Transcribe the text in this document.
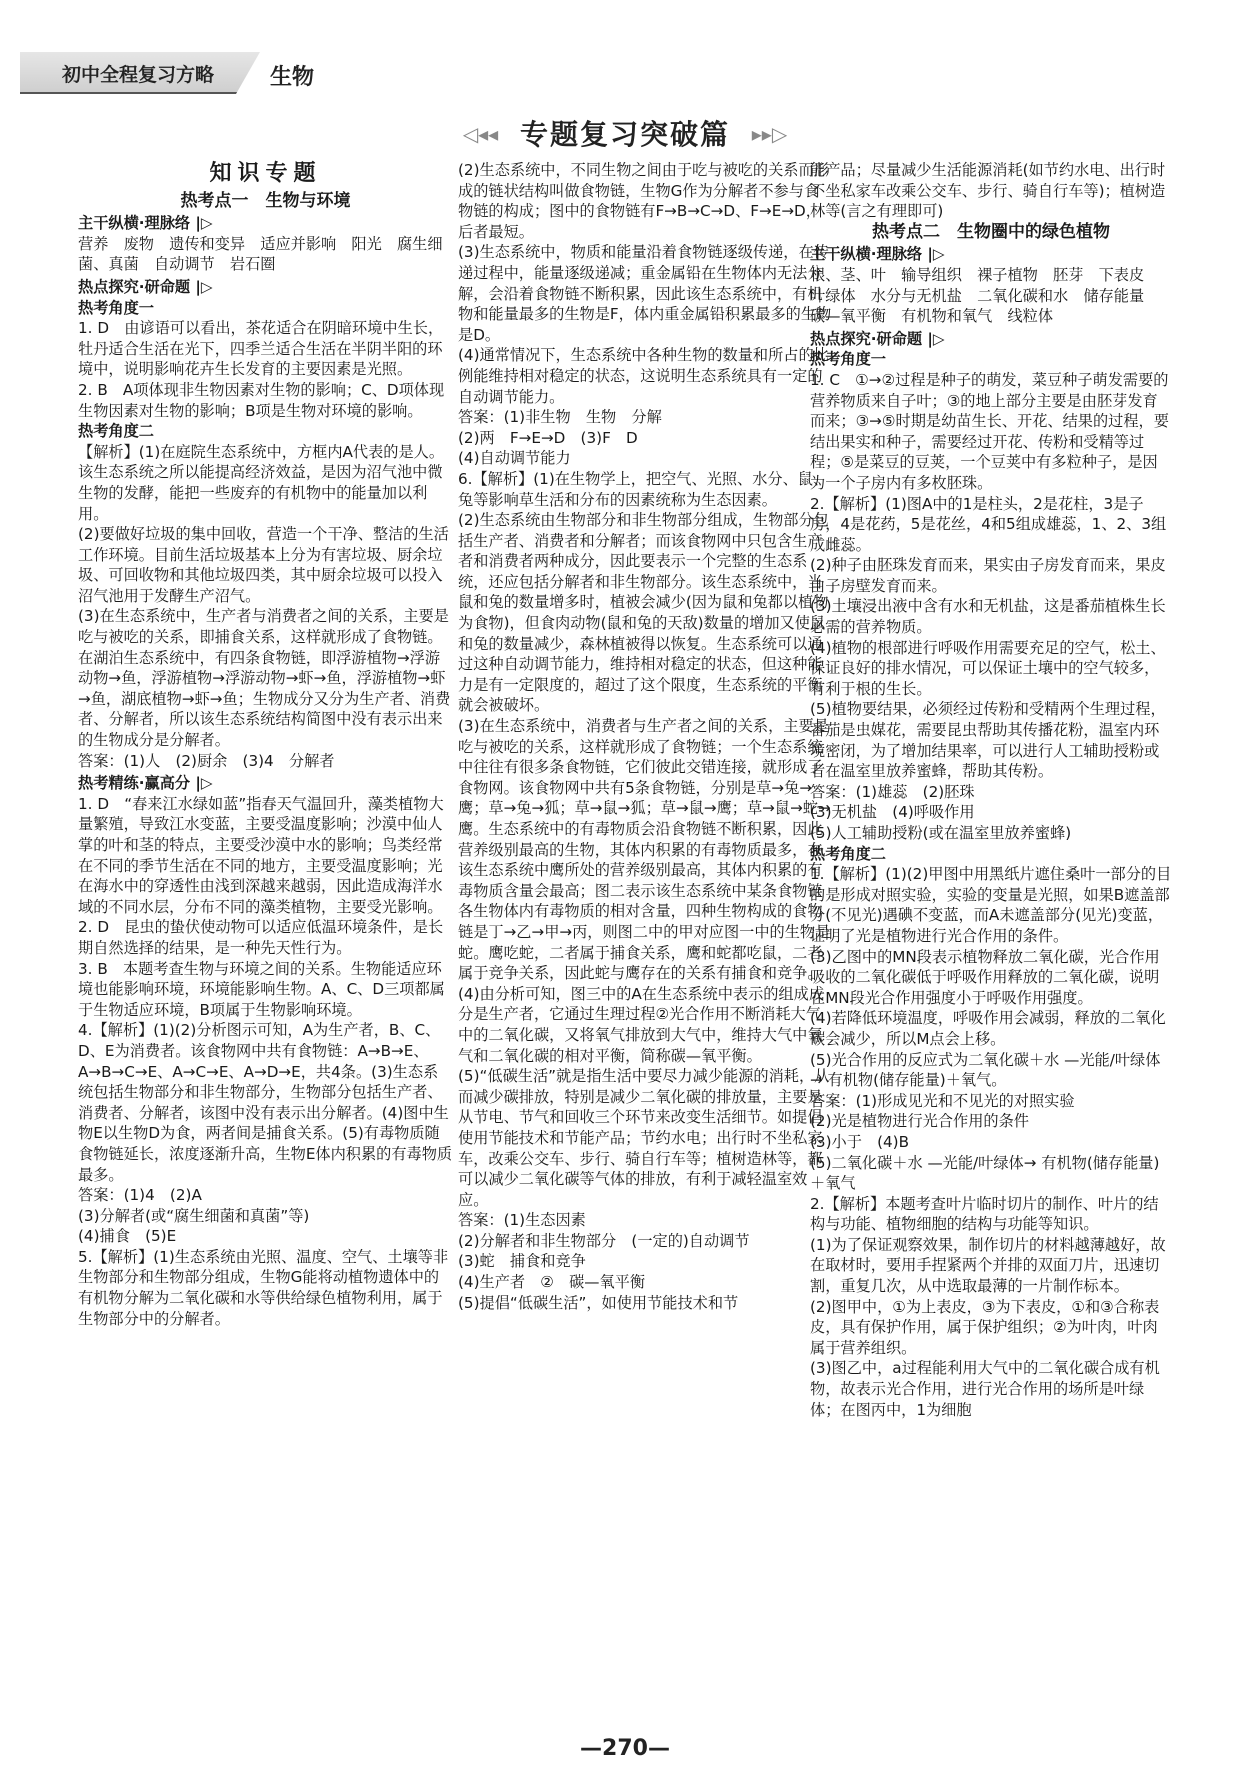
初中全程复习方略	生物
◁◂◂ 专题复习突破篇 ▸▸▷

知识专题

热考点一　生物与环境

主干纵横·理脉络 |▷

营养　废物　遗传和变异　适应并影响　阳光　腐生细菌、真菌　自动调节　岩石圈

热点探究·研命题 |▷

热考角度一

1. D　由谚语可以看出，茶花适合在阴暗环境中生长，牡丹适合生活在光下，四季兰适合生活在半阴半阳的环境中，说明影响花卉生长发育的主要因素是光照。

2. B　A项体现非生物因素对生物的影响；C、D项体现生物因素对生物的影响；B项是生物对环境的影响。

热考角度二

【解析】(1)在庭院生态系统中，方框内A代表的是人。该生态系统之所以能提高经济效益，是因为沼气池中微生物的发酵，能把一些废弃的有机物中的能量加以利用。

(2)要做好垃圾的集中回收，营造一个干净、整洁的生活工作环境。目前生活垃圾基本上分为有害垃圾、厨余垃圾、可回收物和其他垃圾四类，其中厨余垃圾可以投入沼气池用于发酵生产沼气。

(3)在生态系统中，生产者与消费者之间的关系，主要是吃与被吃的关系，即捕食关系，这样就形成了食物链。在湖泊生态系统中，有四条食物链，即浮游植物→浮游动物→鱼，浮游植物→浮游动物→虾→鱼，浮游植物→虾→鱼，湖底植物→虾→鱼；生物成分又分为生产者、消费者、分解者，所以该生态系统结构简图中没有表示出来的生物成分是分解者。

答案：(1)人　(2)厨余　(3)4　分解者

热考精练·赢高分 |▷

1. D　“春来江水绿如蓝”指春天气温回升，藻类植物大量繁殖，导致江水变蓝，主要受温度影响；沙漠中仙人掌的叶和茎的特点，主要受沙漠中水的影响；鸟类经常在不同的季节生活在不同的地方，主要受温度影响；光在海水中的穿透性由浅到深越来越弱，因此造成海洋水域的不同水层，分布不同的藻类植物，主要受光影响。

2. D　昆虫的蛰伏使动物可以适应低温环境条件，是长期自然选择的结果，是一种先天性行为。

3. B　本题考查生物与环境之间的关系。生物能适应环境也能影响环境，环境能影响生物。A、C、D三项都属于生物适应环境，B项属于生物影响环境。

4.【解析】(1)(2)分析图示可知，A为生产者，B、C、D、E为消费者。该食物网中共有食物链：A→B→E、A→B→C→E、A→C→E、A→D→E，共4条。(3)生态系统包括生物部分和非生物部分，生物部分包括生产者、消费者、分解者，该图中没有表示出分解者。(4)图中生物E以生物D为食，两者间是捕食关系。(5)有毒物质随食物链延长，浓度逐渐升高，生物E体内积累的有毒物质最多。

答案：(1)4　(2)A

(3)分解者(或“腐生细菌和真菌”等)

(4)捕食　(5)E

5.【解析】(1)生态系统由光照、温度、空气、土壤等非生物部分和生物部分组成，生物G能将动植物遗体中的有机物分解为二氧化碳和水等供给绿色植物利用，属于生物部分中的分解者。

(2)生态系统中，不同生物之间由于吃与被吃的关系而形成的链状结构叫做食物链，生物G作为分解者不参与食物链的构成；图中的食物链有F→B→C→D、F→E→D，后者最短。

(3)生态系统中，物质和能量沿着食物链逐级传递，在传递过程中，能量逐级递减；重金属铅在生物体内无法分解，会沿着食物链不断积累，因此该生态系统中，有机物和能量最多的生物是F，体内重金属铅积累最多的生物是D。

(4)通常情况下，生态系统中各种生物的数量和所占的比例能维持相对稳定的状态，这说明生态系统具有一定的自动调节能力。

答案：(1)非生物　生物　分解

(2)两　F→E→D　(3)F　D

(4)自动调节能力

6.【解析】(1)在生物学上，把空气、光照、水分、鼠、兔等影响草生活和分布的因素统称为生态因素。

(2)生态系统由生物部分和非生物部分组成，生物部分包括生产者、消费者和分解者；而该食物网中只包含生产者和消费者两种成分，因此要表示一个完整的生态系统，还应包括分解者和非生物部分。该生态系统中，当鼠和兔的数量增多时，植被会减少(因为鼠和兔都以植物为食物)，但食肉动物(鼠和兔的天敌)数量的增加又使鼠和兔的数量减少，森林植被得以恢复。生态系统可以通过这种自动调节能力，维持相对稳定的状态，但这种能力是有一定限度的，超过了这个限度，生态系统的平衡就会被破坏。

(3)在生态系统中，消费者与生产者之间的关系，主要是吃与被吃的关系，这样就形成了食物链；一个生态系统中往往有很多条食物链，它们彼此交错连接，就形成了食物网。该食物网中共有5条食物链，分别是草→兔→鹰；草→兔→狐；草→鼠→狐；草→鼠→鹰；草→鼠→蛇→鹰。生态系统中的有毒物质会沿食物链不断积累，因此营养级别最高的生物，其体内积累的有毒物质最多，在该生态系统中鹰所处的营养级别最高，其体内积累的有毒物质含量会最高；图二表示该生态系统中某条食物链各生物体内有毒物质的相对含量，四种生物构成的食物链是丁→乙→甲→丙，则图二中的甲对应图一中的生物是蛇。鹰吃蛇，二者属于捕食关系，鹰和蛇都吃鼠，二者属于竞争关系，因此蛇与鹰存在的关系有捕食和竞争。

(4)由分析可知，图三中的A在生态系统中表示的组成成分是生产者，它通过生理过程②光合作用不断消耗大气中的二氧化碳，又将氧气排放到大气中，维持大气中氧气和二氧化碳的相对平衡，简称碳—氧平衡。

(5)“低碳生活”就是指生活中要尽力减少能源的消耗，从而减少碳排放，特别是减少二氧化碳的排放量，主要是从节电、节气和回收三个环节来改变生活细节。如提倡使用节能技术和节能产品；节约水电；出行时不坐私家车，改乘公交车、步行、骑自行车等；植树造林等，都可以减少二氧化碳等气体的排放，有利于减轻温室效应。

答案：(1)生态因素

(2)分解者和非生物部分　(一定的)自动调节

(3)蛇　捕食和竞争

(4)生产者　②　碳—氧平衡

(5)提倡“低碳生活”，如使用节能技术和节

能产品；尽量减少生活能源消耗(如节约水电、出行时不坐私家车改乘公交车、步行、骑自行车等)；植树造林等(言之有理即可)

热考点二　生物圈中的绿色植物

主干纵横·理脉络 |▷

根、茎、叶　输导组织　裸子植物　胚芽　下表皮　叶绿体　水分与无机盐　二氧化碳和水　储存能量　碳—氧平衡　有机物和氧气　线粒体

热点探究·研命题 |▷

热考角度一

1. C　①→②过程是种子的萌发，菜豆种子萌发需要的营养物质来自子叶；③的地上部分主要是由胚芽发育而来；③→⑤时期是幼苗生长、开花、结果的过程，要结出果实和种子，需要经过开花、传粉和受精等过程；⑤是菜豆的豆荚，一个豆荚中有多粒种子，是因为一个子房内有多枚胚珠。

2.【解析】(1)图A中的1是柱头，2是花柱，3是子房，4是花药，5是花丝，4和5组成雄蕊，1、2、3组成雌蕊。

(2)种子由胚珠发育而来，果实由子房发育而来，果皮由子房壁发育而来。

(3)土壤浸出液中含有水和无机盐，这是番茄植株生长必需的营养物质。

(4)植物的根部进行呼吸作用需要充足的空气，松土、保证良好的排水情况，可以保证土壤中的空气较多，有利于根的生长。

(5)植物要结果，必须经过传粉和受精两个生理过程，番茄是虫媒花，需要昆虫帮助其传播花粉，温室内环境密闭，为了增加结果率，可以进行人工辅助授粉或者在温室里放养蜜蜂，帮助其传粉。

答案：(1)雄蕊　(2)胚珠

(3)无机盐　(4)呼吸作用

(5)人工辅助授粉(或在温室里放养蜜蜂)

热考角度二

1.【解析】(1)(2)甲图中用黑纸片遮住桑叶一部分的目的是形成对照实验，实验的变量是光照，如果B遮盖部分(不见光)遇碘不变蓝，而A未遮盖部分(见光)变蓝，证明了光是植物进行光合作用的条件。

(3)乙图中的MN段表示植物释放二氧化碳，光合作用吸收的二氧化碳低于呼吸作用释放的二氧化碳，说明在MN段光合作用强度小于呼吸作用强度。

(4)若降低环境温度，呼吸作用会减弱，释放的二氧化碳会减少，所以M点会上移。

(5)光合作用的反应式为二氧化碳＋水 —光能/叶绿体→ 有机物(储存能量)＋氧气。

答案：(1)形成见光和不见光的对照实验

(2)光是植物进行光合作用的条件

(3)小于　(4)B

(5)二氧化碳＋水 —光能/叶绿体→ 有机物(储存能量)＋氧气

2.【解析】本题考查叶片临时切片的制作、叶片的结构与功能、植物细胞的结构与功能等知识。

(1)为了保证观察效果，制作切片的材料越薄越好，故在取材时，要用手捏紧两个并排的双面刀片，迅速切割，重复几次，从中选取最薄的一片制作标本。

(2)图甲中，①为上表皮，③为下表皮，①和③合称表皮，具有保护作用，属于保护组织；②为叶肉，叶肉属于营养组织。

(3)图乙中，a过程能利用大气中的二氧化碳合成有机物，故表示光合作用，进行光合作用的场所是叶绿体；在图丙中，1为细胞

—270—
